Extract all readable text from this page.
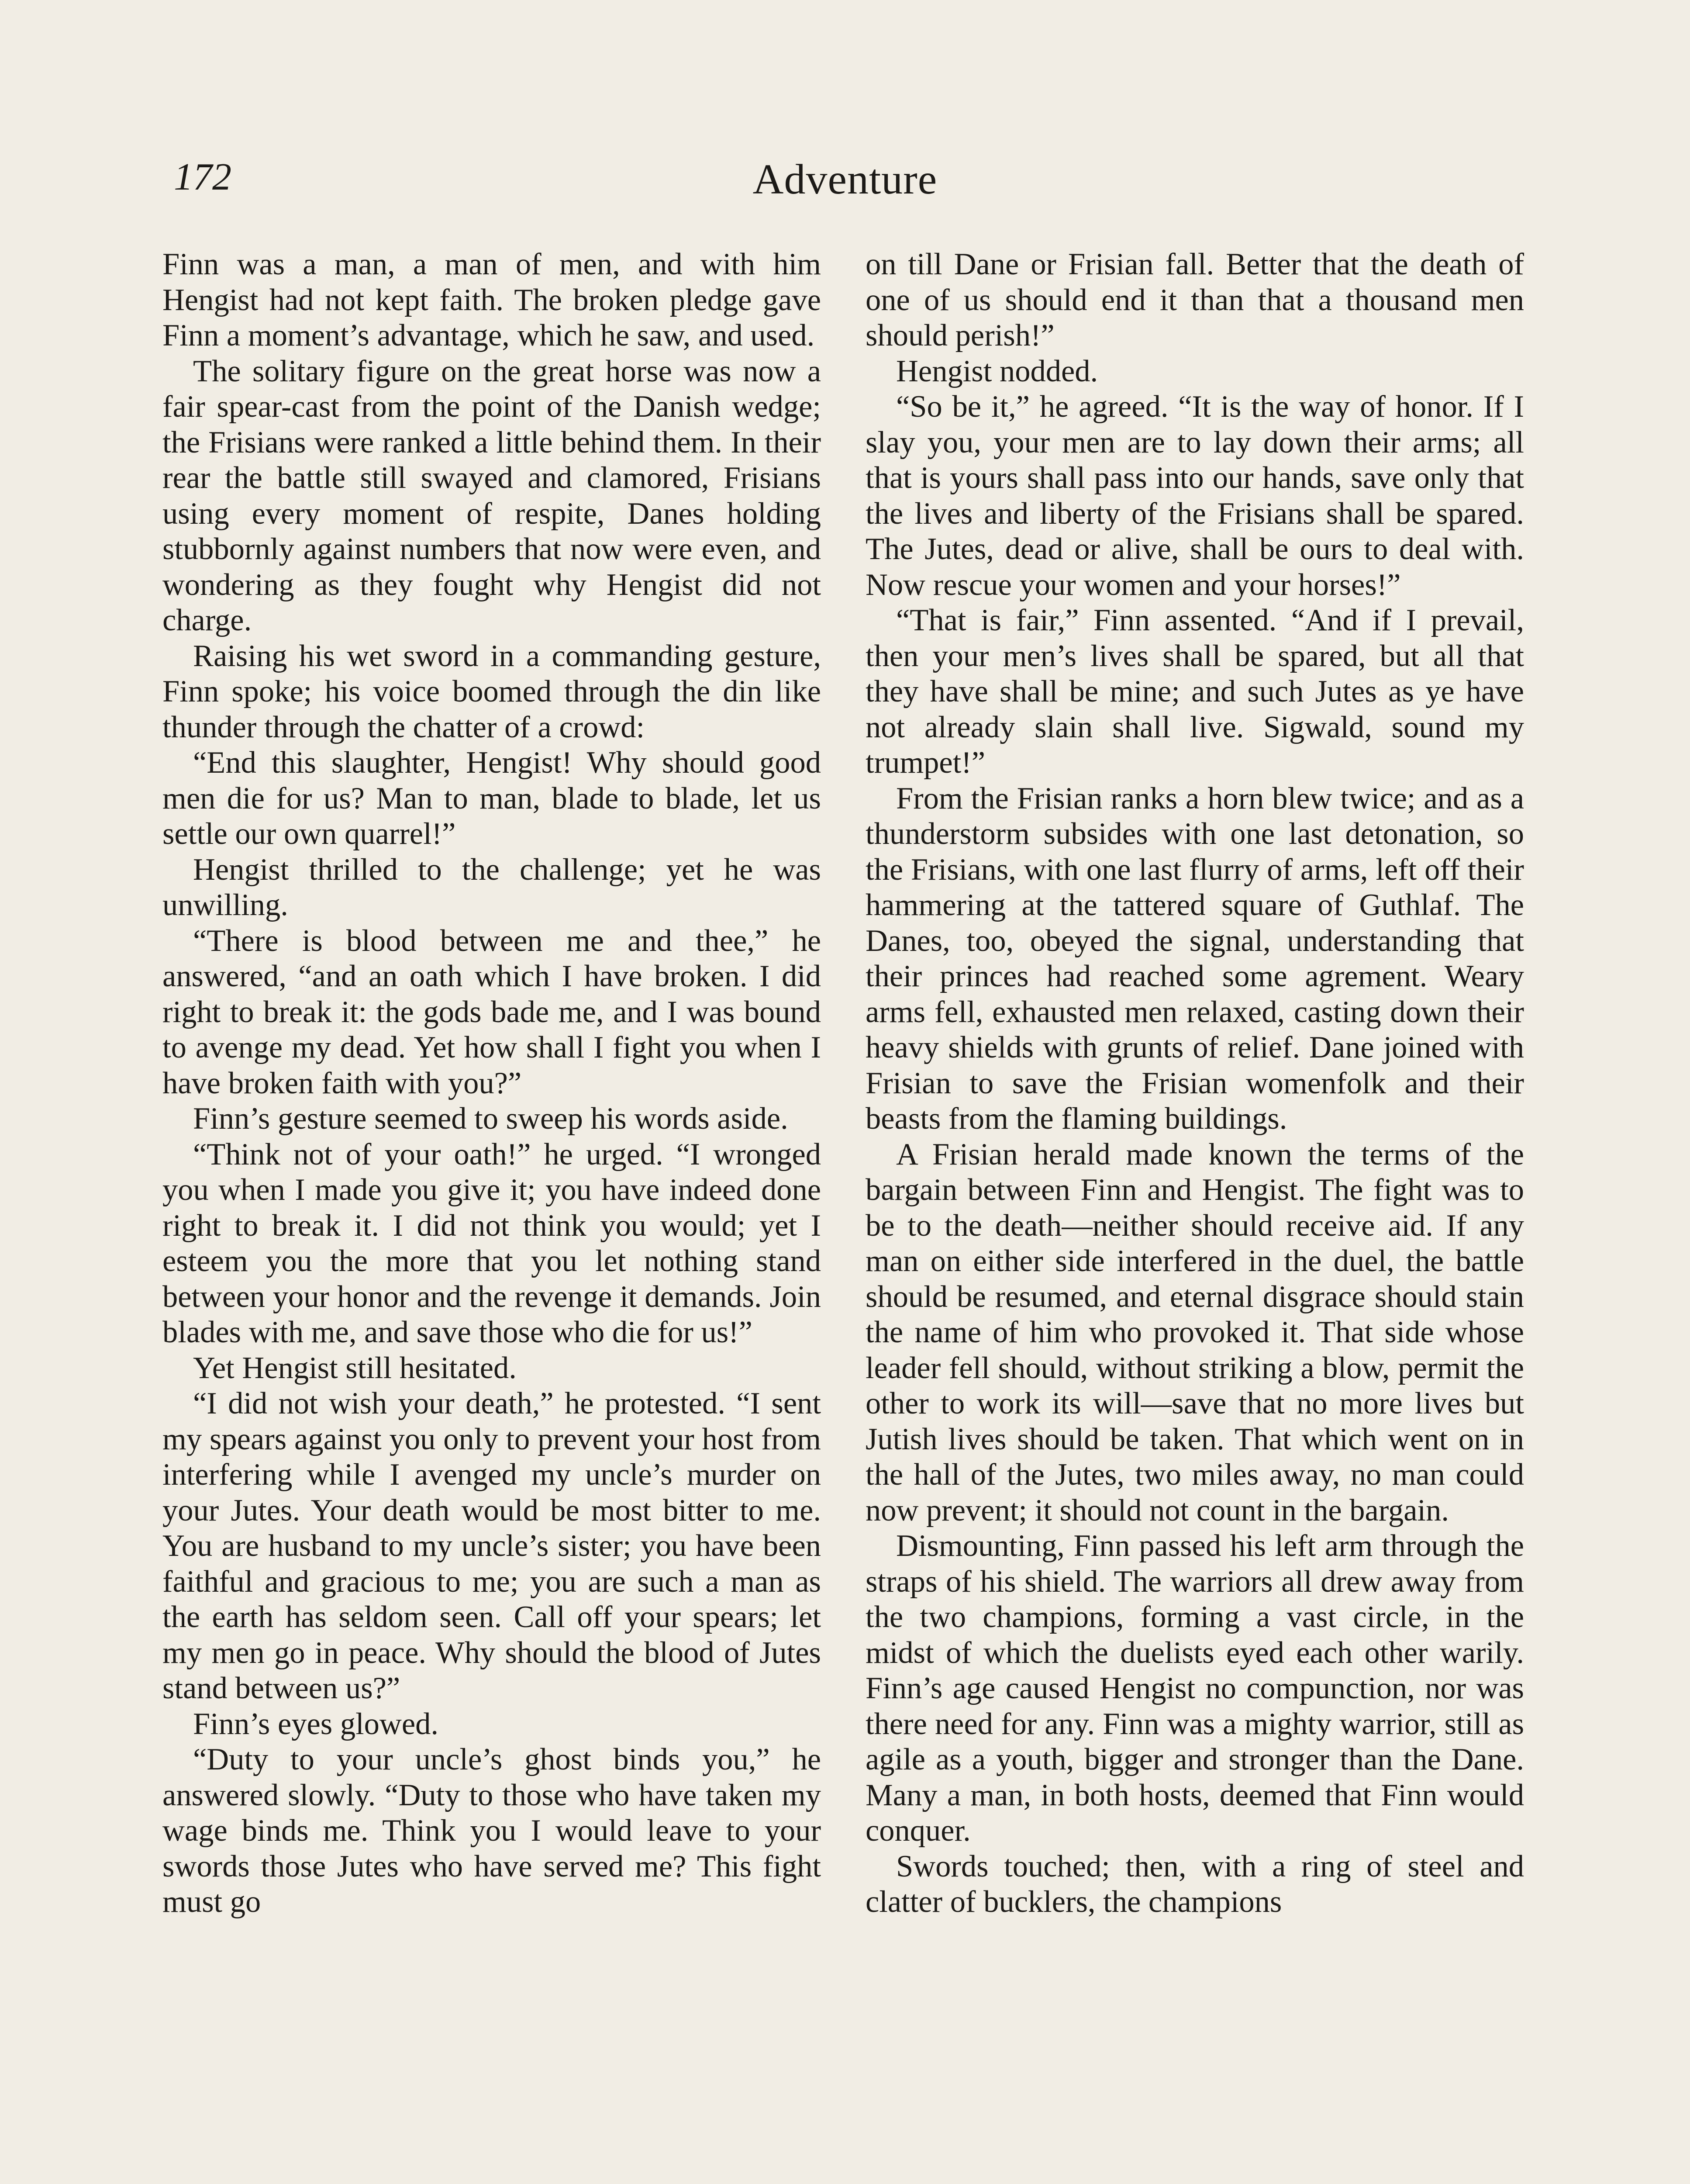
172	Adventure

Finn was a man, a man of men, and with him Hengist had not kept faith. The broken pledge gave Finn a moment’s advantage, which he saw, and used.

The solitary figure on the great horse was now a fair spear-cast from the point of the Danish wedge; the Frisians were ranked a little behind them. In their rear the battle still swayed and clamored, Frisians using every moment of respite, Danes holding stubbornly against numbers that now were even, and wondering as they fought why Hengist did not charge.

Raising his wet sword in a commanding gesture, Finn spoke; his voice boomed through the din like thunder through the chatter of a crowd:

“End this slaughter, Hengist! Why should good men die for us? Man to man, blade to blade, let us settle our own quarrel!”

Hengist thrilled to the challenge; yet he was unwilling.

“There is blood between me and thee,” he answered, “and an oath which I have broken. I did right to break it: the gods bade me, and I was bound to avenge my dead. Yet how shall I fight you when I have broken faith with you?”

Finn’s gesture seemed to sweep his words aside.

“Think not of your oath!” he urged. “I wronged you when I made you give it; you have indeed done right to break it. I did not think you would; yet I esteem you the more that you let nothing stand between your honor and the revenge it demands. Join blades with me, and save those who die for us!”

Yet Hengist still hesitated.

“I did not wish your death,” he protested. “I sent my spears against you only to prevent your host from interfering while I avenged my uncle’s murder on your Jutes. Your death would be most bitter to me. You are husband to my uncle’s sister; you have been faithful and gracious to me; you are such a man as the earth has seldom seen. Call off your spears; let my men go in peace. Why should the blood of Jutes stand between us?”

Finn’s eyes glowed.

“Duty to your uncle’s ghost binds you,” he answered slowly. “Duty to those who have taken my wage binds me. Think you I would leave to your swords those Jutes who have served me? This fight must go

on till Dane or Frisian fall. Better that the death of one of us should end it than that a thousand men should perish!”

Hengist nodded.

“So be it,” he agreed. “It is the way of honor. If I slay you, your men are to lay down their arms; all that is yours shall pass into our hands, save only that the lives and liberty of the Frisians shall be spared. The Jutes, dead or alive, shall be ours to deal with. Now rescue your women and your horses!”

“That is fair,” Finn assented. “And if I prevail, then your men’s lives shall be spared, but all that they have shall be mine; and such Jutes as ye have not already slain shall live. Sigwald, sound my trumpet!”

From the Frisian ranks a horn blew twice; and as a thunderstorm subsides with one last detonation, so the Frisians, with one last flurry of arms, left off their hammering at the tattered square of Guthlaf. The Danes, too, obeyed the signal, understanding that their princes had reached some agrement. Weary arms fell, exhausted men relaxed, casting down their heavy shields with grunts of relief. Dane joined with Frisian to save the Frisian womenfolk and their beasts from the flaming buildings.

A Frisian herald made known the terms of the bargain between Finn and Hengist. The fight was to be to the death—neither should receive aid. If any man on either side interfered in the duel, the battle should be resumed, and eternal disgrace should stain the name of him who provoked it. That side whose leader fell should, without striking a blow, permit the other to work its will—save that no more lives but Jutish lives should be taken. That which went on in the hall of the Jutes, two miles away, no man could now prevent; it should not count in the bargain.

Dismounting, Finn passed his left arm through the straps of his shield. The warriors all drew away from the two champions, forming a vast circle, in the midst of which the duelists eyed each other warily. Finn’s age caused Hengist no compunction, nor was there need for any. Finn was a mighty warrior, still as agile as a youth, bigger and stronger than the Dane. Many a man, in both hosts, deemed that Finn would conquer.

Swords touched; then, with a ring of steel and clatter of bucklers, the champions
